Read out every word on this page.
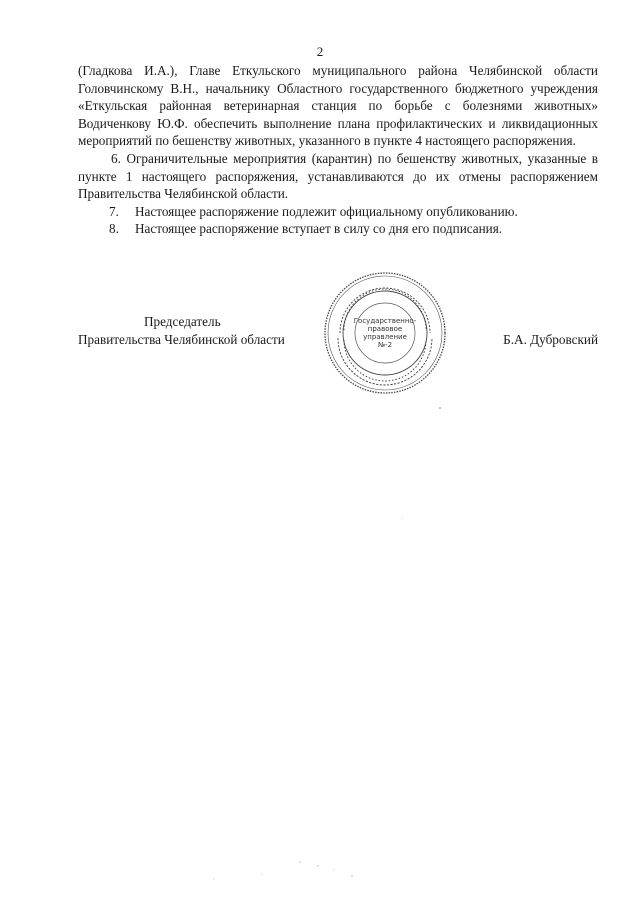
2

(Гладкова И.А.), Главе Еткульского муниципального района Челябинской области Головчинскому В.Н., начальнику Областного государственного бюджетного учреждения «Еткульская районная ветеринарная станция по борьбе с болезнями животных» Водиченкову Ю.Ф. обеспечить выполнение плана профилактических и ликвидационных мероприятий по бешенству животных, указанного в пункте 4 настоящего распоряжения.

6. Ограничительные мероприятия (карантин) по бешенству животных, указанные в пункте 1 настоящего распоряжения, устанавливаются до их отмены распоряжением Правительства Челябинской области.

7. Настоящее распоряжение подлежит официальному опубликованию.

8. Настоящее распоряжение вступает в силу со дня его подписания.

Председатель
Правительства Челябинской области
Государственно-
правовое
управление
№-2	Б.А. Дубровский
